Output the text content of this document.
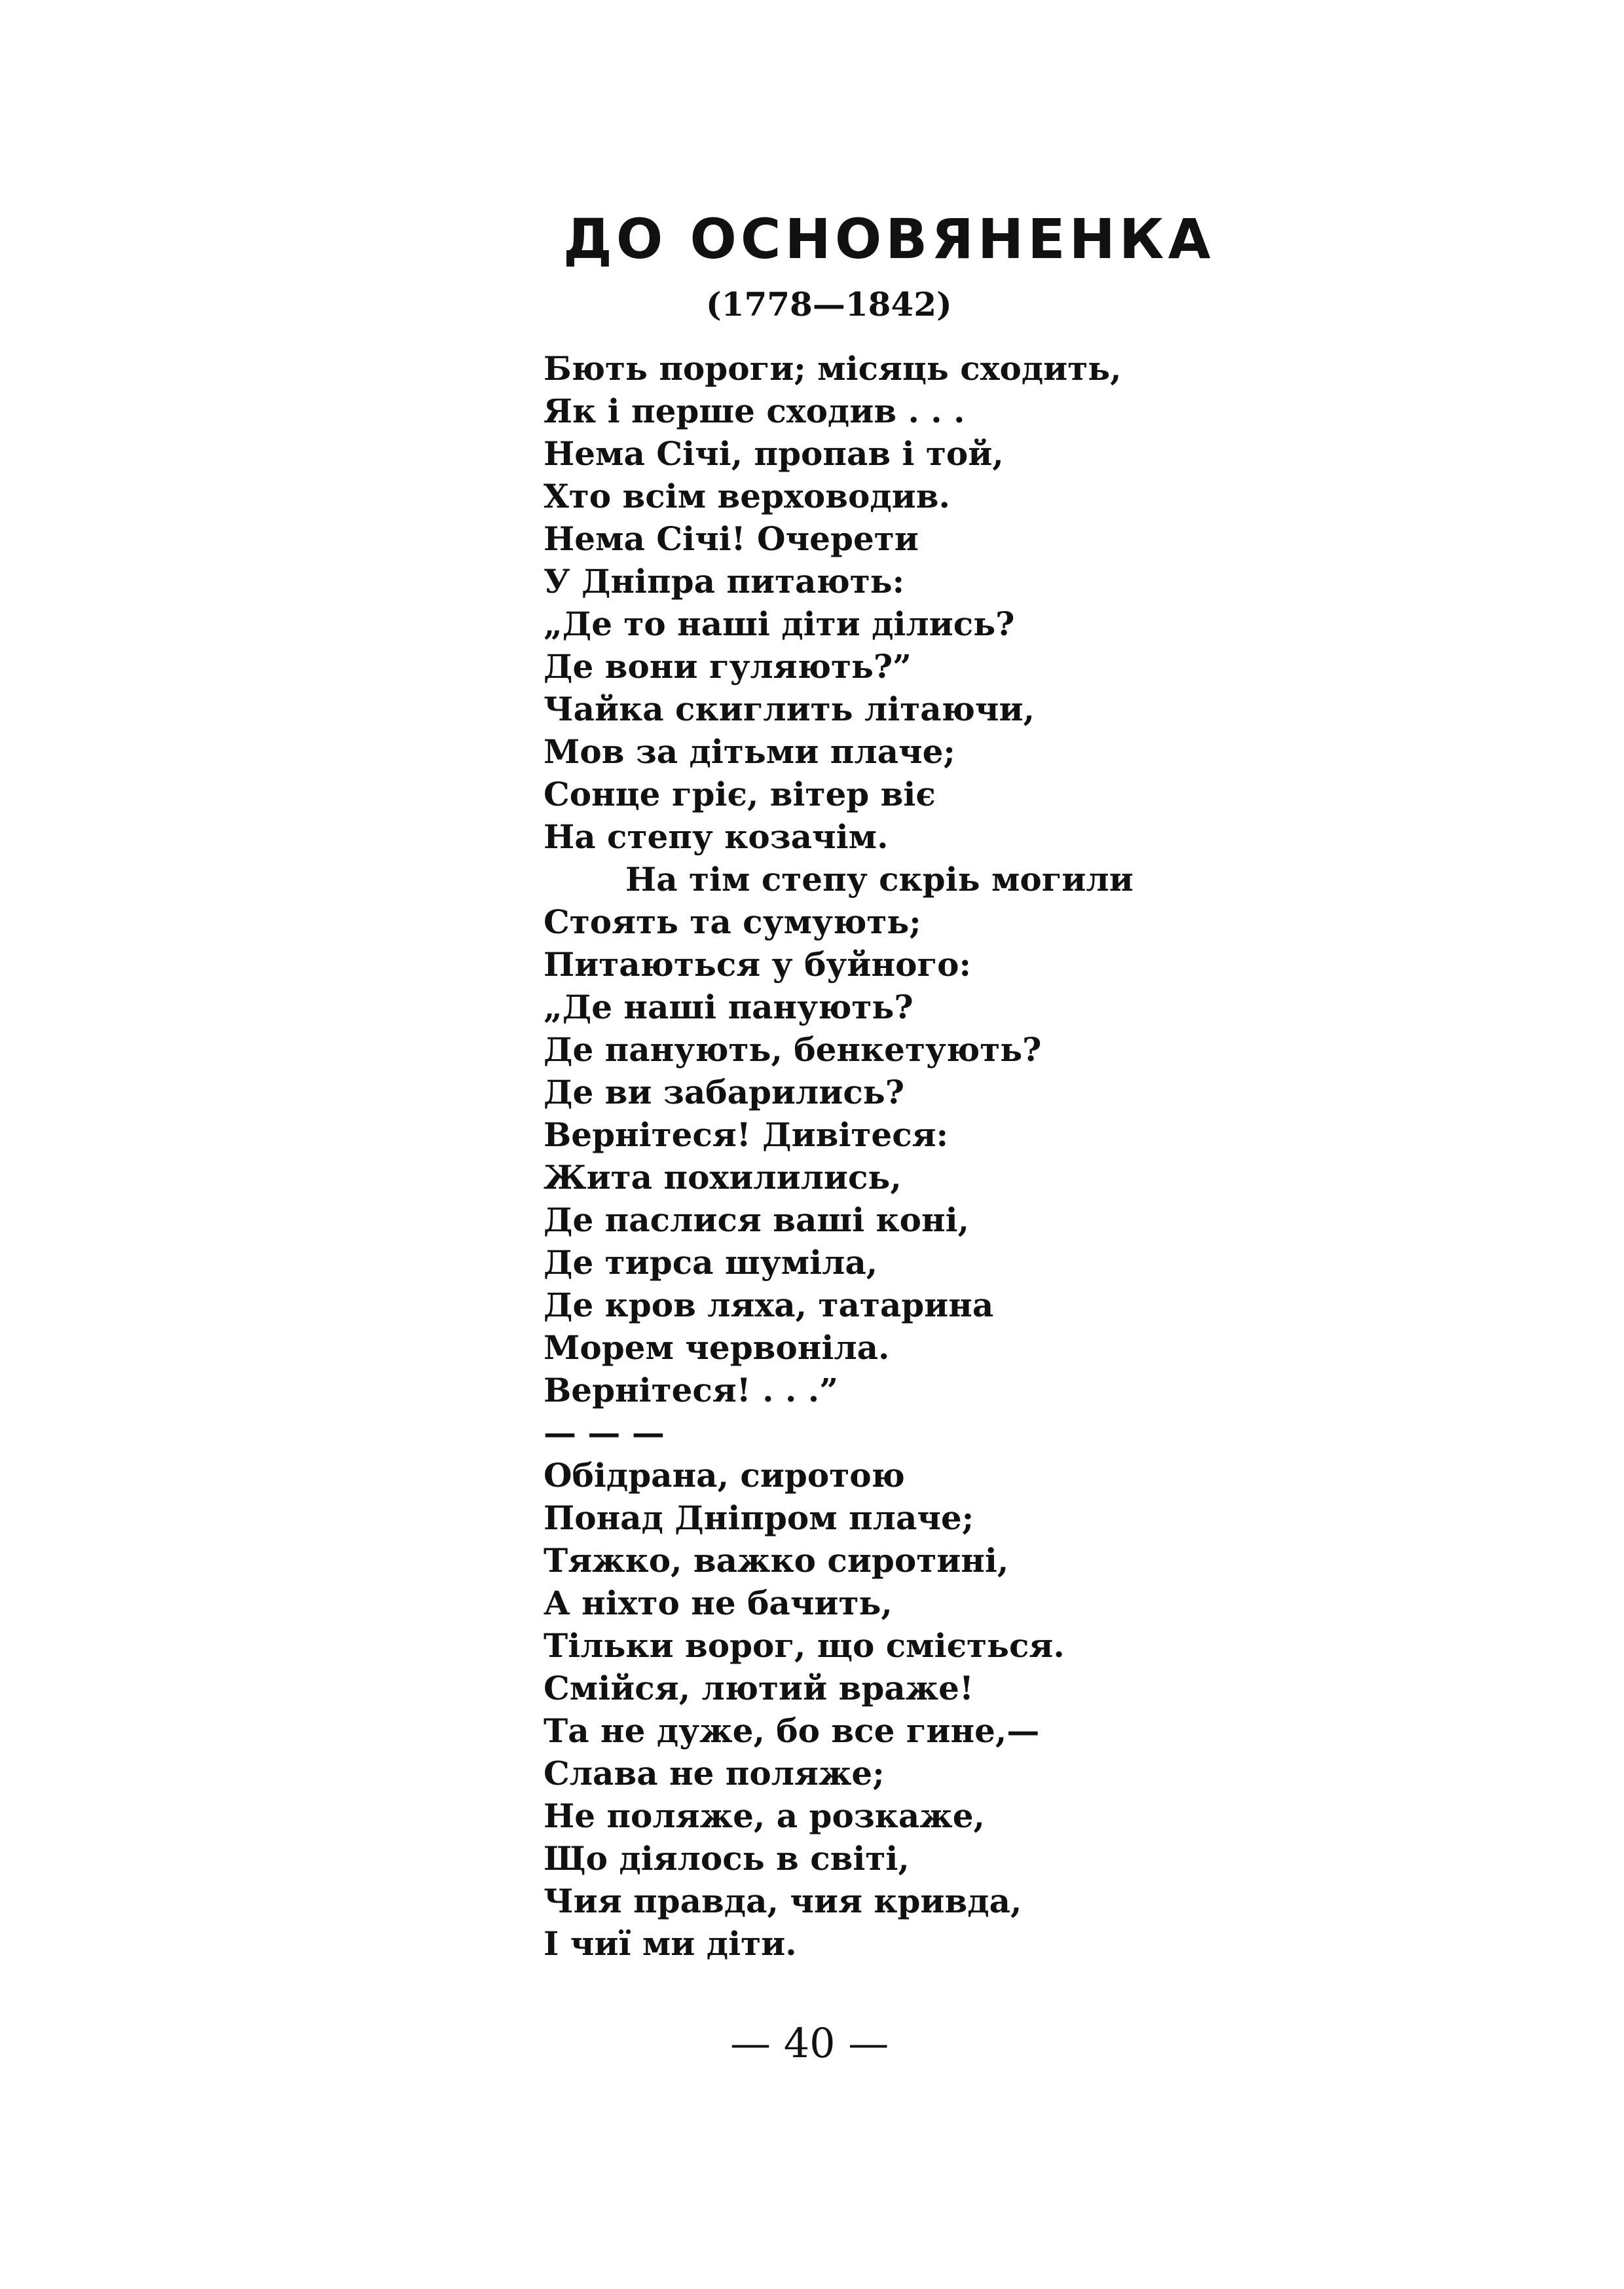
ДО ОСНОВЯНЕНКА
(1778—1842)
Бють пороги; місяць сходить,
Як і перше сходив . . .
Нема Січі, пропав і той,
Хто всім верховодив.
Нема Січі! Очерети
У Дніпра питають:
„Де то наші діти ділись?
Де вони гуляють?”
Чайка скиглить літаючи,
Мов за дітьми плаче;
Сонце гріє, вітер віє
На степу козачім.
На тім степу скріь могили
Стоять та сумують;
Питаються у буйного:
„Де наші панують?
Де панують, бенкетують?
Де ви забарились?
Вернітеся! Дивітеся:
Жита похилились,
Де паслися ваші коні,
Де тирса шуміла,
Де кров ляха, татарина
Морем червоніла.
Вернітеся! . . .”
— — —
Обідрана, сиротою
Понад Дніпром плаче;
Тяжко, важко сиротині,
А ніхто не бачить,
Тільки ворог, що сміється.
Смійся, лютий враже!
Та не дуже, бо все гине,—
Слава не поляже;
Не поляже, а розкаже,
Що діялось в світі,
Чия правда, чия кривда,
І чиї ми діти.
— 40 —
